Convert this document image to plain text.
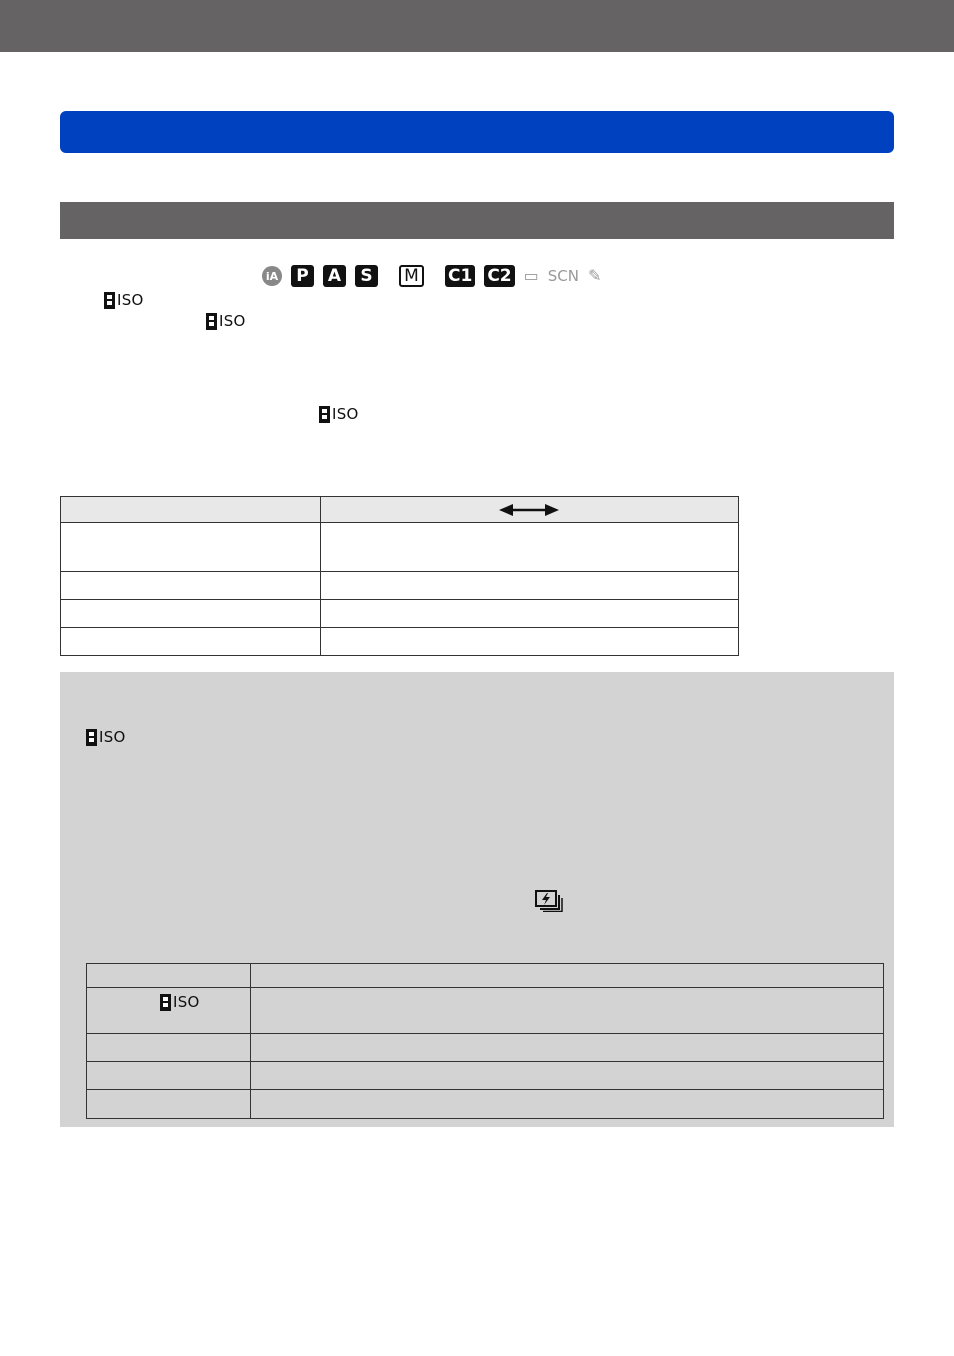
iA	P	A	S	M	C1 C2 ▭ SCN ✎
ISO
ISO
ISO

ISO

ISO	
